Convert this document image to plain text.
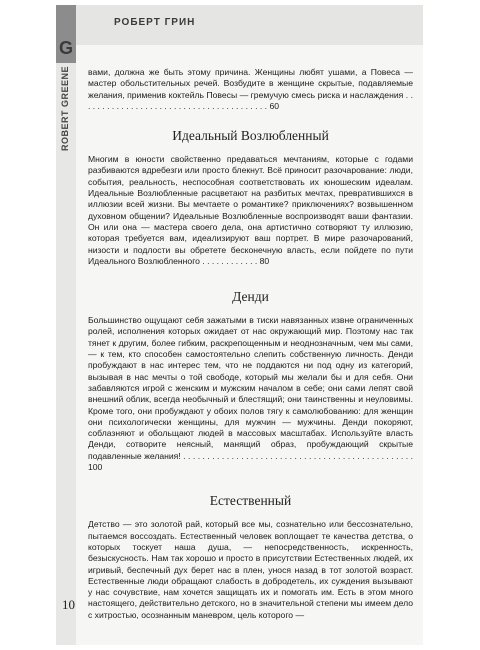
G
РОБЕРТ ГРИН
ROBERT GREENE
10

вами, должна же быть этому причина. Женщины любят ушами, а Повеса — мастер обольстительных речей. Возбудите в женщине скрытые, подавляемые желания, применив коктейль Повесы — гремучую смесь риска и наслаждения . . . . . . . . . . . . . . . . . . . . . . . . . . . . . . . . . . . . . . . . 60

Идеальный Возлюбленный

Многим в юности свойственно предаваться мечтаниям, которые с годами разбиваются вдребезги или просто блекнут. Всё приносит разочарование: люди, события, реальность, неспособная соответствовать их юношеским идеалам. Идеальные Возлюбленные расцветают на разбитых мечтах, превратившихся в иллюзии всей жизни. Вы мечтаете о романтике? приключениях? возвышенном духовном общении? Идеальные Возлюбленные воспроизводят ваши фантазии. Он или она — мастера своего дела, она артистично сотворяют ту иллюзию, которая требуется вам, идеализируют ваш портрет. В мире разочарований, низости и подлости вы обретете бесконечную власть, если пойдете по пути Идеального Возлюбленного . . . . . . . . . . . . 80

Денди

Большинство ощущают себя зажатыми в тиски навязанных извне ограниченных ролей, исполнения которых ожидает от нас окружающий мир. Поэтому нас так тянет к другим, более гибким, раскрепощенным и неоднозначным, чем мы сами, — к тем, кто способен самостоятельно слепить собственную личность. Денди пробуждают в нас интерес тем, что не поддаются ни под одну из категорий, вызывая в нас мечты о той свободе, который мы желали бы и для себя. Они забавляются игрой с женским и мужским началом в себе; они сами лепят свой внешний облик, всегда необычный и блестящий; они таинственны и неуловимы. Кроме того, они пробуждают у обоих полов тягу к самолюбованию: для женщин они психологически женщины, для мужчин — мужчины. Денди покоряют, соблазняют и обольщают людей в массовых масштабах. Используйте власть Денди, сотворите неясный, манящий образ, пробуждающий скрытые подавленные желания! . . . . . . . . . . . . . . . . . . . . . . . . . . . . . . . . . . . . . . . . . . . . . . . . 100

Естественный

Детство — это золотой рай, который все мы, сознательно или бессознательно, пытаемся воссоздать. Естественный человек воплощает те качества детства, о которых тоскует наша душа, — непосредственность, искренность, безыскусность. Нам так хорошо и просто в присутствии Естественных людей, их игривый, беспечный дух берет нас в плен, унося назад в тот золотой возраст. Естественные люди обращают слабость в добродетель, их суждения вызывают у нас сочувствие, нам хочется защищать их и помогать им. Есть в этом много настоящего, действительно детского, но в значительной степени мы имеем дело с хитростью, осознанным маневром, цель которого —
